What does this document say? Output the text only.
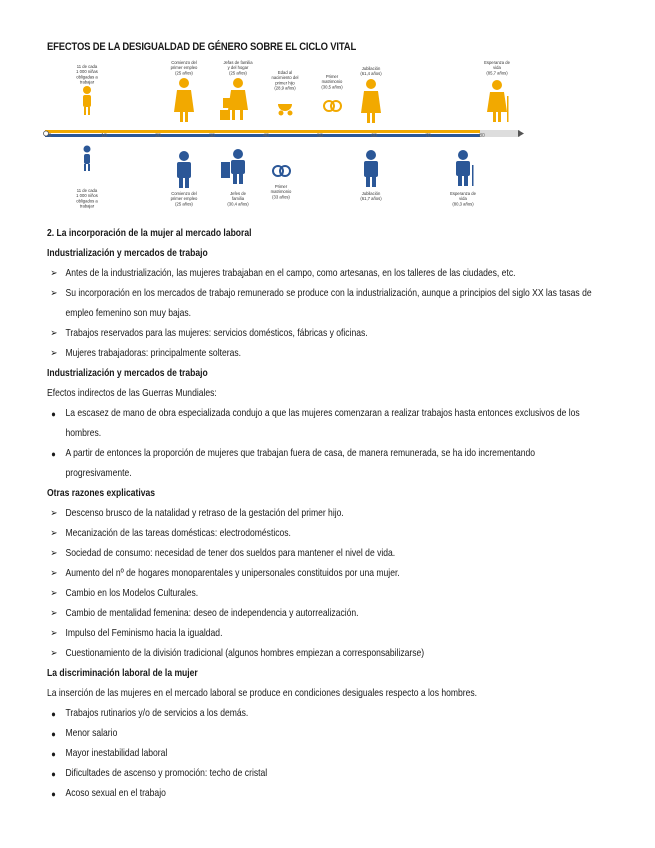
EFECTOS DE LA DESIGUALDAD DE GÉNERO SOBRE EL CICLO VITAL
0	10	20	30	40	50	60	70	80
11 de cada
1 000 niñas
obligadas a
trabajar
Comienzo del
primer empleo
(25 años)
Jefas de familia
y del hogar
(25 años)	Edad al
nacimiento del
primer hijo
(28,9 años)
Primer
matrimonio
(30,5 años)
Jubilación
(61,4 años)
Esperanza de
vida
(85,7 años)
11 de cada
1 000 niños
obligados a
trabajar
Comienzo del
primer empleo
(25 años)
Jefes de
familia
(30,4 años)
Primer
matrimonio
(33 años)
Jubilación
(61,7 años)
Esperanza de
vida
(80,3 años)
2. La incorporación de la mujer al mercado laboral
Industrialización y mercados de trabajo
➢ Antes de la industrialización, las mujeres trabajaban en el campo, como artesanas, en los talleres de las ciudades, etc.
➢ Su incorporación en los mercados de trabajo remunerado se produce con la industrialización, aunque a principios del siglo XX las tasas de
empleo femenino son muy bajas.
➢ Trabajos reservados para las mujeres: servicios domésticos, fábricas y oficinas.
➢ Mujeres trabajadoras: principalmente solteras.
Industrialización y mercados de trabajo
Efectos indirectos de las Guerras Mundiales:
● La escasez de mano de obra especializada condujo a que las mujeres comenzaran a realizar trabajos hasta entonces exclusivos de los
hombres.
● A partir de entonces la proporción de mujeres que trabajan fuera de casa, de manera remunerada, se ha ido incrementando
progresivamente.
Otras razones explicativas
➢ Descenso brusco de la natalidad y retraso de la gestación del primer hijo.
➢ Mecanización de las tareas domésticas: electrodomésticos.
➢ Sociedad de consumo: necesidad de tener dos sueldos para mantener el nivel de vida.
➢ Aumento del nº de hogares monoparentales y unipersonales constituidos por una mujer.
➢ Cambio en los Modelos Culturales.
➢ Cambio de mentalidad femenina: deseo de independencia y autorrealización.
➢ Impulso del Feminismo hacia la igualdad.
➢ Cuestionamiento de la división tradicional (algunos hombres empiezan a corresponsabilizarse)
La discriminación laboral de la mujer
La inserción de las mujeres en el mercado laboral se produce en condiciones desiguales respecto a los hombres.
● Trabajos rutinarios y/o de servicios a los demás.
● Menor salario
● Mayor inestabilidad laboral
● Dificultades de ascenso y promoción: techo de cristal
● Acoso sexual en el trabajo
